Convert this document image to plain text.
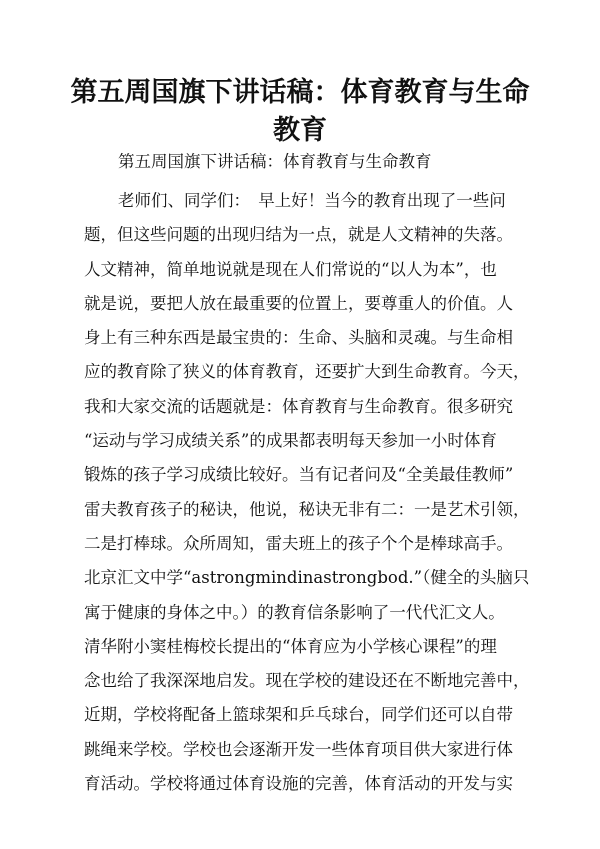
第五周国旗下讲话稿：体育教育与生命
教育
第五周国旗下讲话稿：体育教育与生命教育
老师们、同学们：　早上好！当今的教育出现了一些问
题，但这些问题的出现归结为一点，就是人文精神的失落。
人文精神，简单地说就是现在人们常说的“以人为本”，也
就是说，要把人放在最重要的位置上，要尊重人的价值。人
身上有三种东西是最宝贵的：生命、头脑和灵魂。与生命相
应的教育除了狭义的体育教育，还要扩大到生命教育。今天，
我和大家交流的话题就是：体育教育与生命教育。很多研究
“运动与学习成绩关系”的成果都表明每天参加一小时体育
锻炼的孩子学习成绩比较好。当有记者问及“全美最佳教师”
雷夫教育孩子的秘诀，他说，秘诀无非有二：一是艺术引领，
二是打棒球。众所周知，雷夫班上的孩子个个是棒球高手。
北京汇文中学“astrongmindinastrongbod.”（健全的头脑只
寓于健康的身体之中。）的教育信条影响了一代代汇文人。
清华附小窦桂梅校长提出的“体育应为小学核心课程”的理
念也给了我深深地启发。现在学校的建设还在不断地完善中，
近期，学校将配备上篮球架和乒乓球台，同学们还可以自带
跳绳来学校。学校也会逐渐开发一些体育项目供大家进行体
育活动。学校将通过体育设施的完善，体育活动的开发与实
